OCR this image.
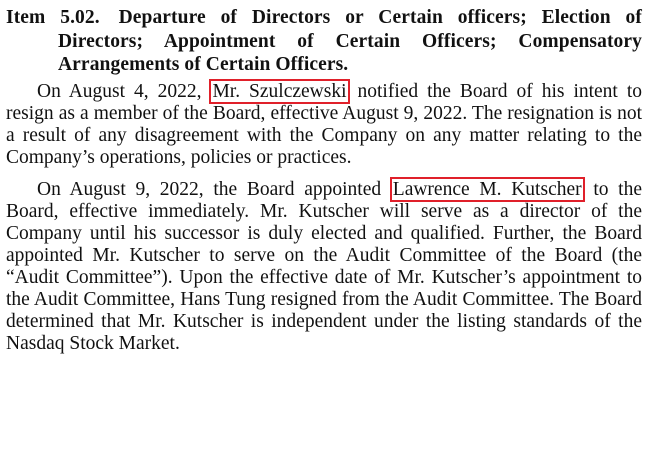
Item 5.02. Departure of Directors or Certain officers; Election of Directors; Appointment of Certain Officers; Compensatory Arrangements of Certain Officers.

On August 4, 2022, Mr. Szulczewski notified the Board of his intent to resign as a member of the Board, effective August 9, 2022. The resignation is not a result of any disagreement with the Company on any matter relating to the Company’s operations, policies or practices.

On August 9, 2022, the Board appointed Lawrence M. Kutscher to the Board, effective immediately. Mr. Kutscher will serve as a director of the Company until his successor is duly elected and qualified. Further, the Board appointed Mr. Kutscher to serve on the Audit Committee of the Board (the “Audit Committee”). Upon the effective date of Mr. Kutscher’s appointment to the Audit Committee, Hans Tung resigned from the Audit Committee. The Board determined that Mr. Kutscher is independent under the listing standards of the Nasdaq Stock Market.
